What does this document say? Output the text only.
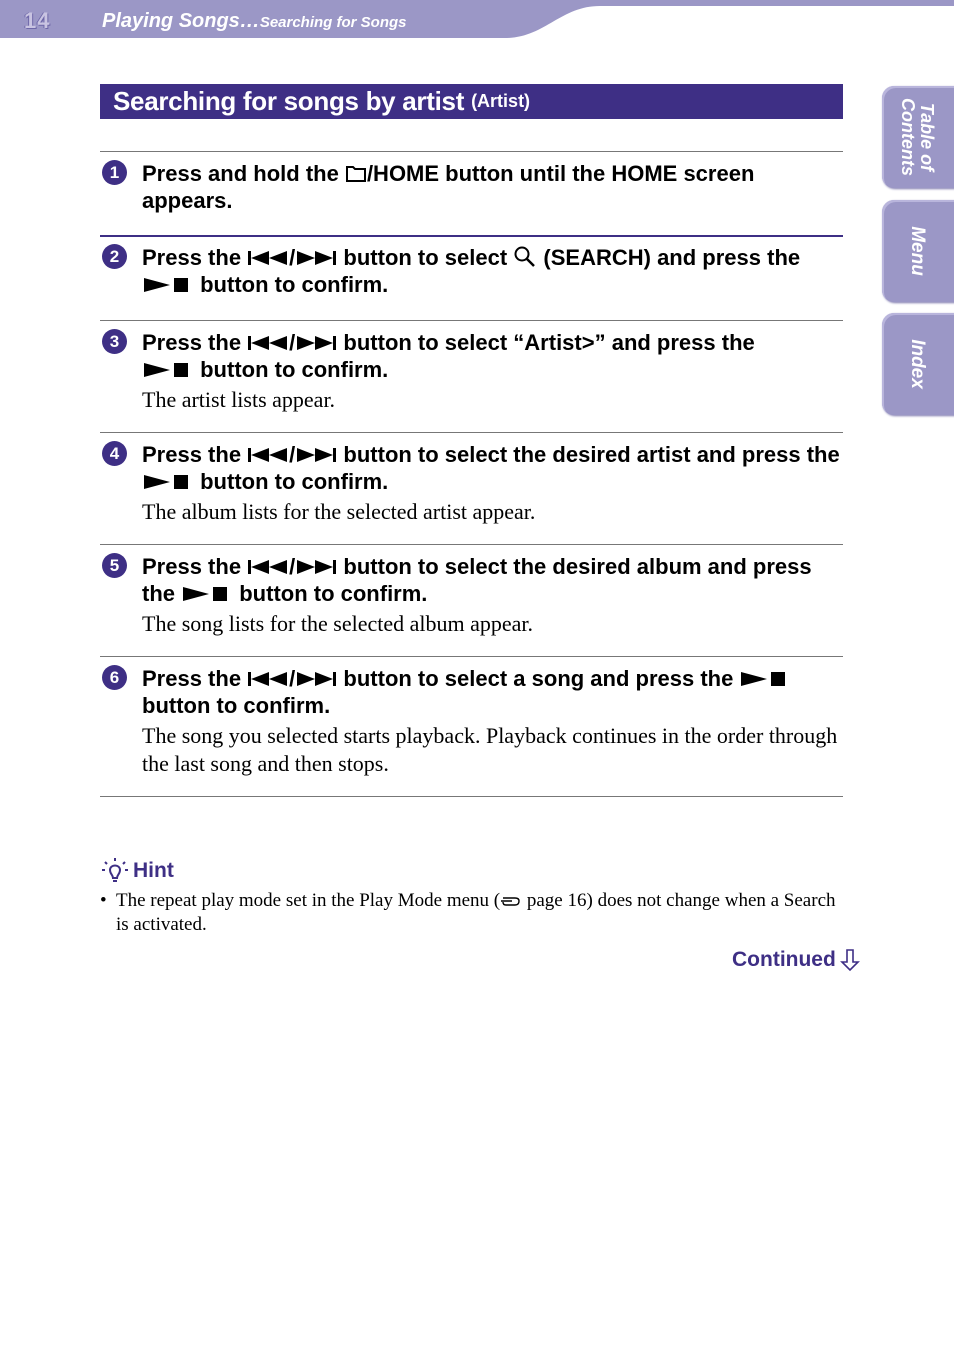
14	Playing Songs…Searching for Songs
Table of Contents
Menu
Index
Searching for songs by artist (Artist)
1	Press and hold the /HOME button until the HOME screen appears.
2	Press the / button to select  (SEARCH) and press the
button to confirm.
3	Press the / button to select “Artist>” and press the
button to confirm.
The artist lists appear.
4	Press the / button to select the desired artist and press the  button to confirm.
The album lists for the selected artist appear.
5	Press the / button to select the desired album and press the  button to confirm.
The song lists for the selected album appear.
6	Press the / button to select a song and press the  button to confirm.
The song you selected starts playback. Playback continues in the order through the last song and then stops.
Hint
• The repeat play mode set in the Play Mode menu ( page 16) does not change when a Search is activated.
Continued
